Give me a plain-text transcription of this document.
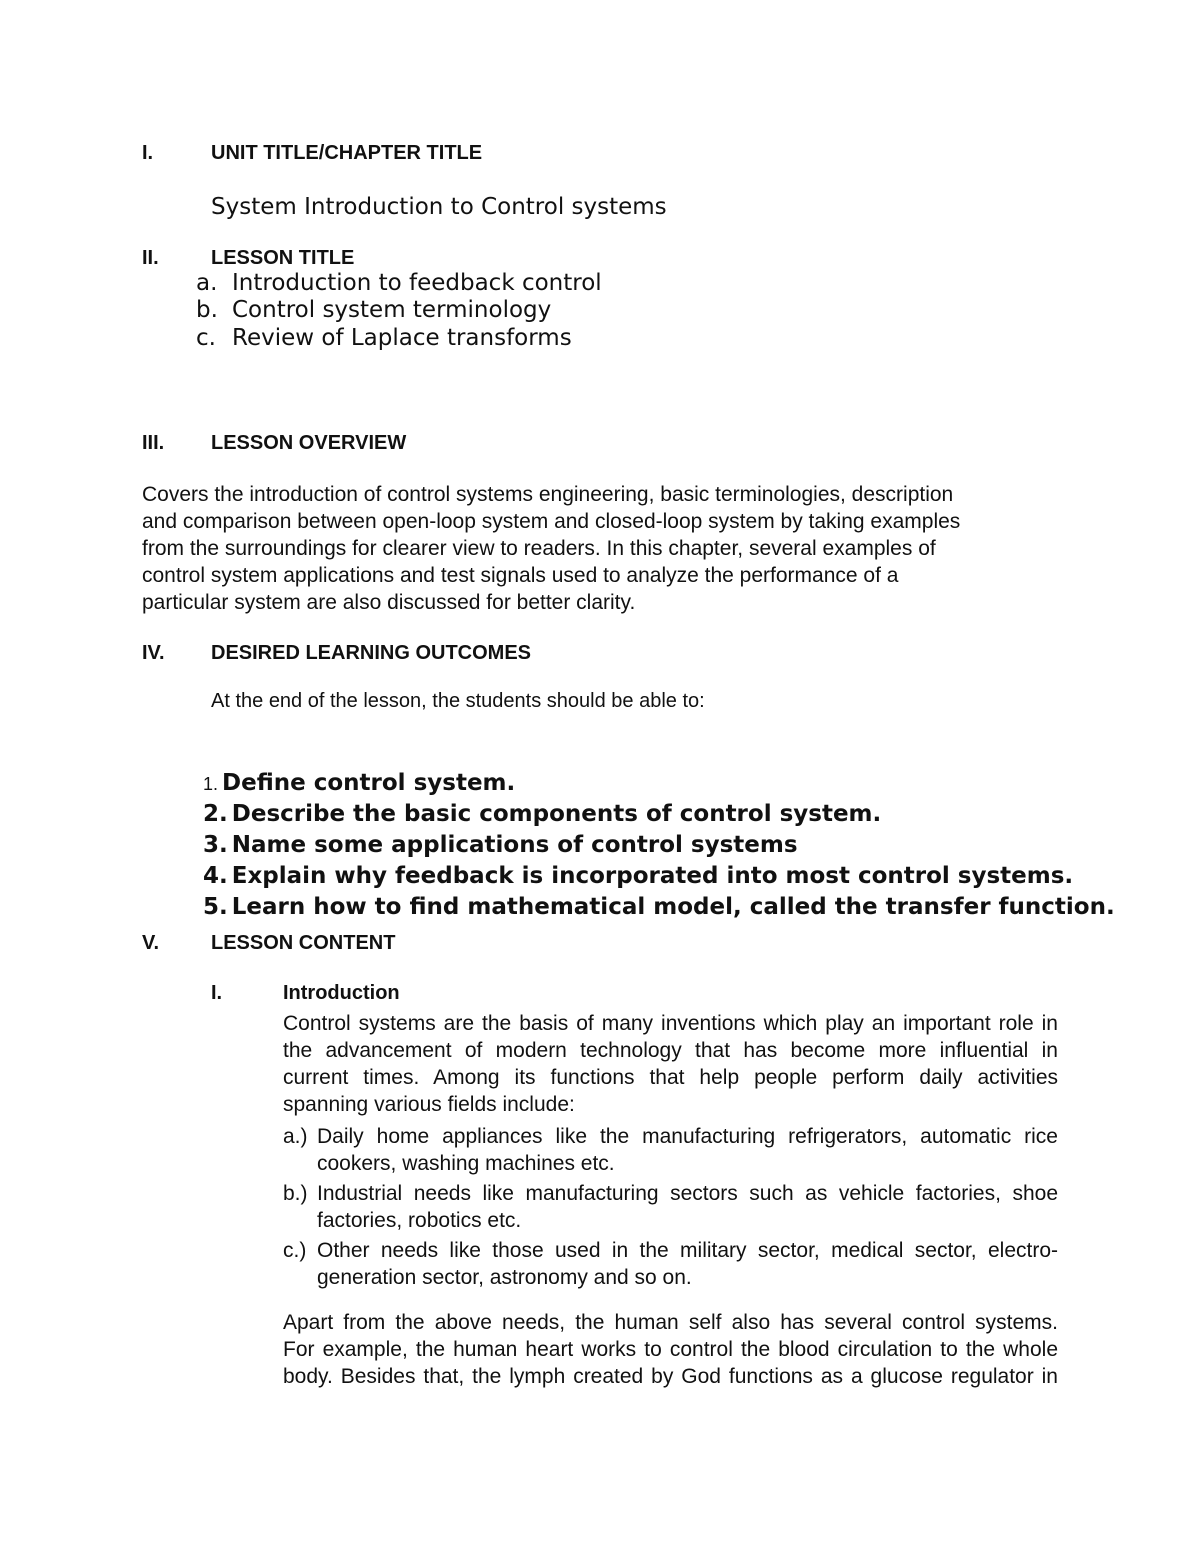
I.	UNIT TITLE/CHAPTER TITLE
System Introduction to Control systems
II.	LESSON TITLE
a. Introduction to feedback control
b. Control system terminology
c. Review of Laplace transforms
III. LESSON OVERVIEW
Covers the introduction of control systems engineering, basic terminologies, description
and comparison between open-loop system and closed-loop system by taking examples
from the surroundings for clearer view to readers. In this chapter, several examples of
control system applications and test signals used to analyze the performance of a
particular system are also discussed for better clarity.
IV. DESIRED LEARNING OUTCOMES
At the end of the lesson, the students should be able to:
1. Define control system.
2. Describe the basic components of control system.
3. Name some applications of control systems
4. Explain why feedback is incorporated into most control systems.
5. Learn how to find mathematical model, called the transfer function.
V.	LESSON CONTENT
I.	Introduction
Control systems are the basis of many inventions which play an important role in
the advancement of modern technology that has become more influential in
current times. Among its functions that help people perform daily activities
spanning various fields include:
a.) Daily home appliances like the manufacturing refrigerators, automatic rice
cookers, washing machines etc.
b.) Industrial needs like manufacturing sectors such as vehicle factories, shoe
factories, robotics etc.
c.) Other needs like those used in the military sector, medical sector, electro-
generation sector, astronomy and so on.
Apart from the above needs, the human self also has several control systems.
For example, the human heart works to control the blood circulation to the whole
body. Besides that, the lymph created by God functions as a glucose regulator in
